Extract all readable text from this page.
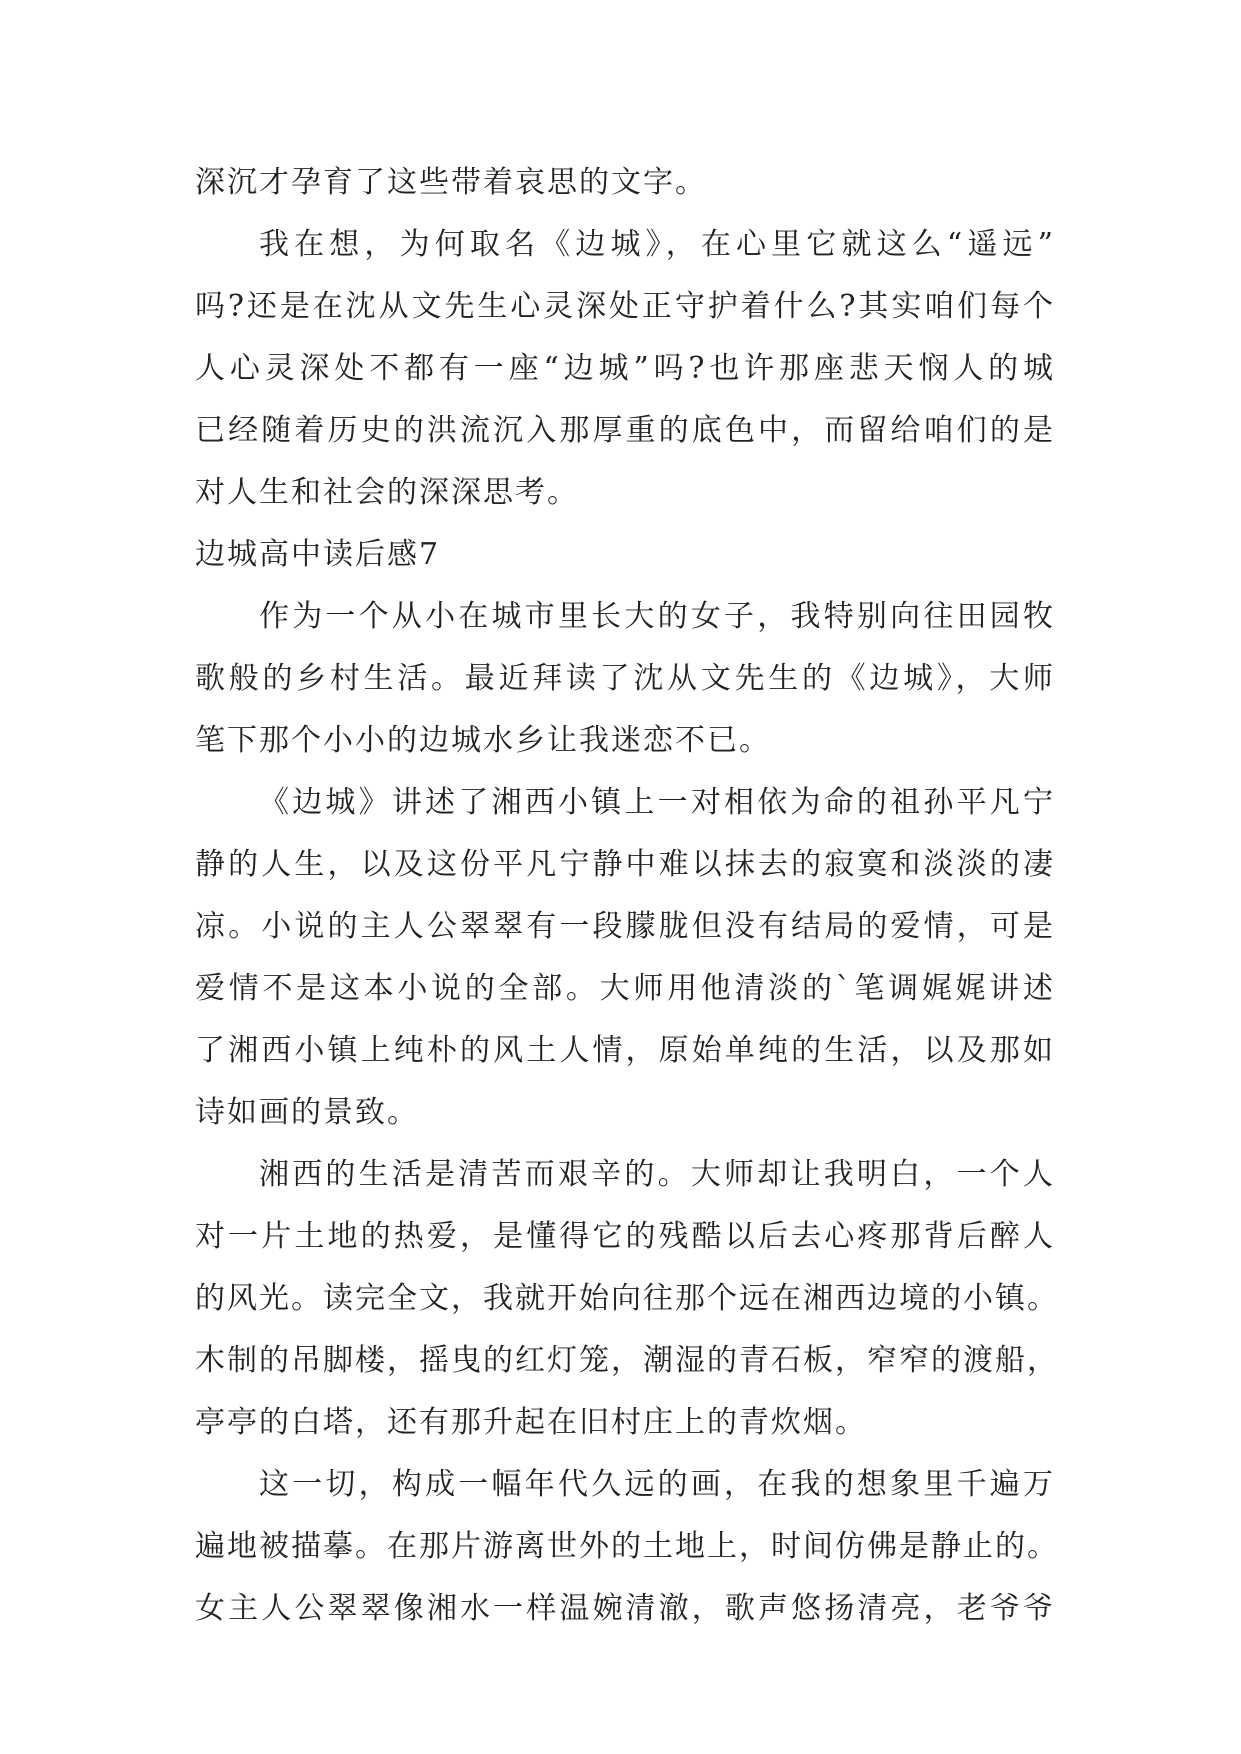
深沉才孕育了这些带着哀思的文字。
我在想，为何取名《边城》，在心里它就这么“遥远”
吗?还是在沈从文先生心灵深处正守护着什么?其实咱们每个
人心灵深处不都有一座“边城”吗?也许那座悲天悯人的城
已经随着历史的洪流沉入那厚重的底色中，而留给咱们的是
对人生和社会的深深思考。
边城高中读后感7
作为一个从小在城市里长大的女子，我特别向往田园牧
歌般的乡村生活。最近拜读了沈从文先生的《边城》，大师
笔下那个小小的边城水乡让我迷恋不已。
《边城》讲述了湘西小镇上一对相依为命的祖孙平凡宁
静的人生，以及这份平凡宁静中难以抹去的寂寞和淡淡的凄
凉。小说的主人公翠翠有一段朦胧但没有结局的爱情，可是
爱情不是这本小说的全部。大师用他清淡的`笔调娓娓讲述
了湘西小镇上纯朴的风土人情，原始单纯的生活，以及那如
诗如画的景致。
湘西的生活是清苦而艰辛的。大师却让我明白，一个人
对一片土地的热爱，是懂得它的残酷以后去心疼那背后醉人
的风光。读完全文，我就开始向往那个远在湘西边境的小镇。
木制的吊脚楼，摇曳的红灯笼，潮湿的青石板，窄窄的渡船，
亭亭的白塔，还有那升起在旧村庄上的青炊烟。
这一切，构成一幅年代久远的画，在我的想象里千遍万
遍地被描摹。在那片游离世外的土地上，时间仿佛是静止的。
女主人公翠翠像湘水一样温婉清澈，歌声悠扬清亮，老爷爷
